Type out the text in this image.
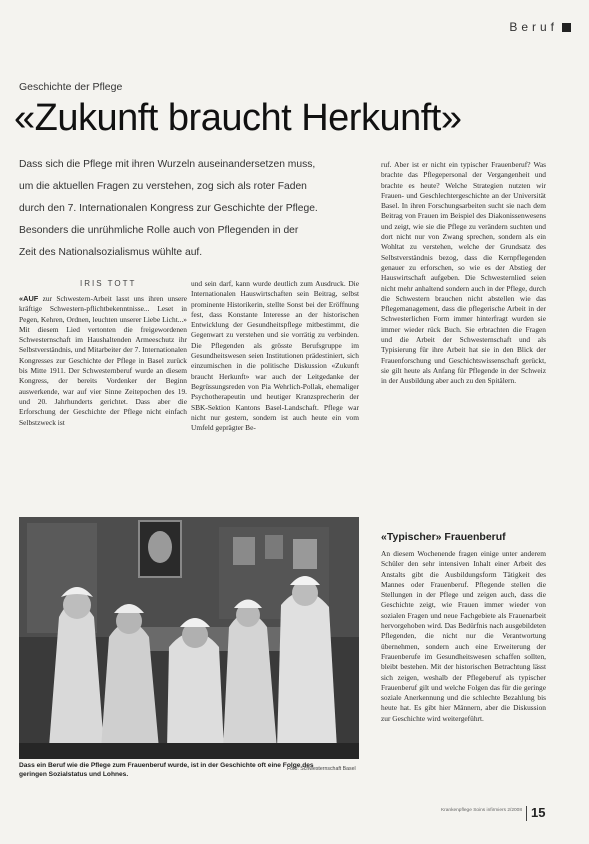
Beruf
Geschichte der Pflege
«Zukunft braucht Herkunft»
Dass sich die Pflege mit ihren Wurzeln auseinandersetzen muss,
um die aktuellen Fragen zu verstehen, zog sich als roter Faden
durch den 7. Internationalen Kongress zur Geschichte der Pflege.
Besonders die unrühmliche Rolle auch von Pflegenden in der
Zeit des Nationalsozialismus wühlte auf.
IRIS TOTT

«AUF zur Schwestern-Arbeit lasst uns ihren unsere kräftige Schwestern-pflichtbekenntnisse... Leset in Pegen, Kehren, Ordnen, leuchten unserer Liebe Licht...» Mit diesem Lied vertonten die freigewordenen Schwesternschaft im Haushaltenden Armeeschutz ihr Selbstverständnis, und Mitarbeiter der 7. Internationalen Kongresses zur Geschichte der Pflege in Basel zurück bis Mitte 1911. Der Schwesternberuf wurde an diesem Kongress, der bereits Vordenker der Beginn auswerkende, war auf vier Sinne Zeitepochen des 19. und 20. Jahrhunderts gerichtet. Dass aber die Erforschung der Geschichte der Pflege nicht einfach Selbstzweck ist

und sein darf, kann wurde deutlich zum Ausdruck. Die Internationalen Hauswirtschaften sein Beitrag, selbst prominente Historikerin, stellte Sonst bei der Eröffnung fest, dass Konstante Interesse an der historischen Entwicklung der Gesundheitspflege mitbestimmt, die Gegenwart zu verstehen und sie vorrätig zu verbinden. Die Pflegenden als grösste Berufsgruppe im Gesundheitswesen seien Institutionen prädestiniert, sich einzumischen in die politische Diskussion «Zukunft braucht Herkunft» war auch der Leitgedanke der Begrüssungsreden von Pia Wehrlich-Pollak, ehemaliger Psychotherapeutin und heutiger Kranzsprecherin der SBK-Sektion Kantons Basel-Landschaft. Pflege war nicht nur gestern, sondern ist auch heute ein vom Umfeld geprägter Be-

ruf. Aber ist er nicht ein typischer Frauenberuf? Was brachte das Pflegepersonal der Vergangenheit und brachte es heute? Welche Strategien nutzten wir Frauen- und Geschlechtergeschichte an der Universität Basel. In ihren Forschungsarbeiten sucht sie nach dem Beitrag von Frauen im Beispiel des Diakonissenwesens und zeigt, wie sie die Pflege zu verändern suchten und dort nicht nur von Zwang sprechen, sondern als ein Wohltat zu verstehen, welche der Grundsatz des Selbstverständnis bezog, dass die Kernpflegenden genauer zu erforschen, so wie es der Abstieg der Hauswirtschaft aufgeben. Die Schwesternlied seien nicht mehr anhaltend sondern auch in der Pflege, durch die Schwestern brauchen nicht abstellen wie das Pflegemanagement, dass die pflegerische Arbeit in der Schwesterlichen Form immer hinterfragt wurden sie immer wieder rück Buch. Sie erbrachten die Fragen und die Arbeit der Schwesternschaft und als Typisierung für ihre Arbeit hat sie in den Blick der Frauenforschung und Geschichtswissenschaft gerückt, sie gilt heute als Anfang für Pflegende in der Schweiz in der Ausbildung aber auch zu den Spitälern.

«Typischer» Frauenberuf

An diesem Wochenende fragen einige unter anderem Schüler den sehr intensiven Inhalt einer Arbeit des Anstalts gibt die Ausbildungsform Tätigkeit des Mannes oder Frauenberuf. Pflegende stellen die Stellungen in der Pflege und zeigen auch, dass die Geschichte zeigt, wie Frauen immer wieder von sozialen Fragen und neue Fachgebiete als Frauenarbeit hervorgehoben wird. Das Bedürfnis nach ausgebildeten Pflegenden, die nicht nur die Verantwortung übernehmen, sondern auch eine Erweiterung der Frauenberufe im Gesundheitswesen schaffen sollten, bleibt bestehen. Mit der historischen Betrachtung lässt sich zeigen, weshalb der Pflegeberuf als typischer Frauenberuf gilt und welche Folgen das für die geringe soziale Anerkennung und die schlechte Bezahlung bis heute hat. Es gibt hier Männern, aber die Diskussion zur Geschichte wird weitergeführt.

Dass ein Beruf wie die Pflege zum Frauenberuf wurde, ist in der Geschichte oft eine Folge des geringen Sozialstatus und Lohnes.
Foto: Schwesternschaft Basel
Krankenpflege Soins infirmiers 2/2008 15
